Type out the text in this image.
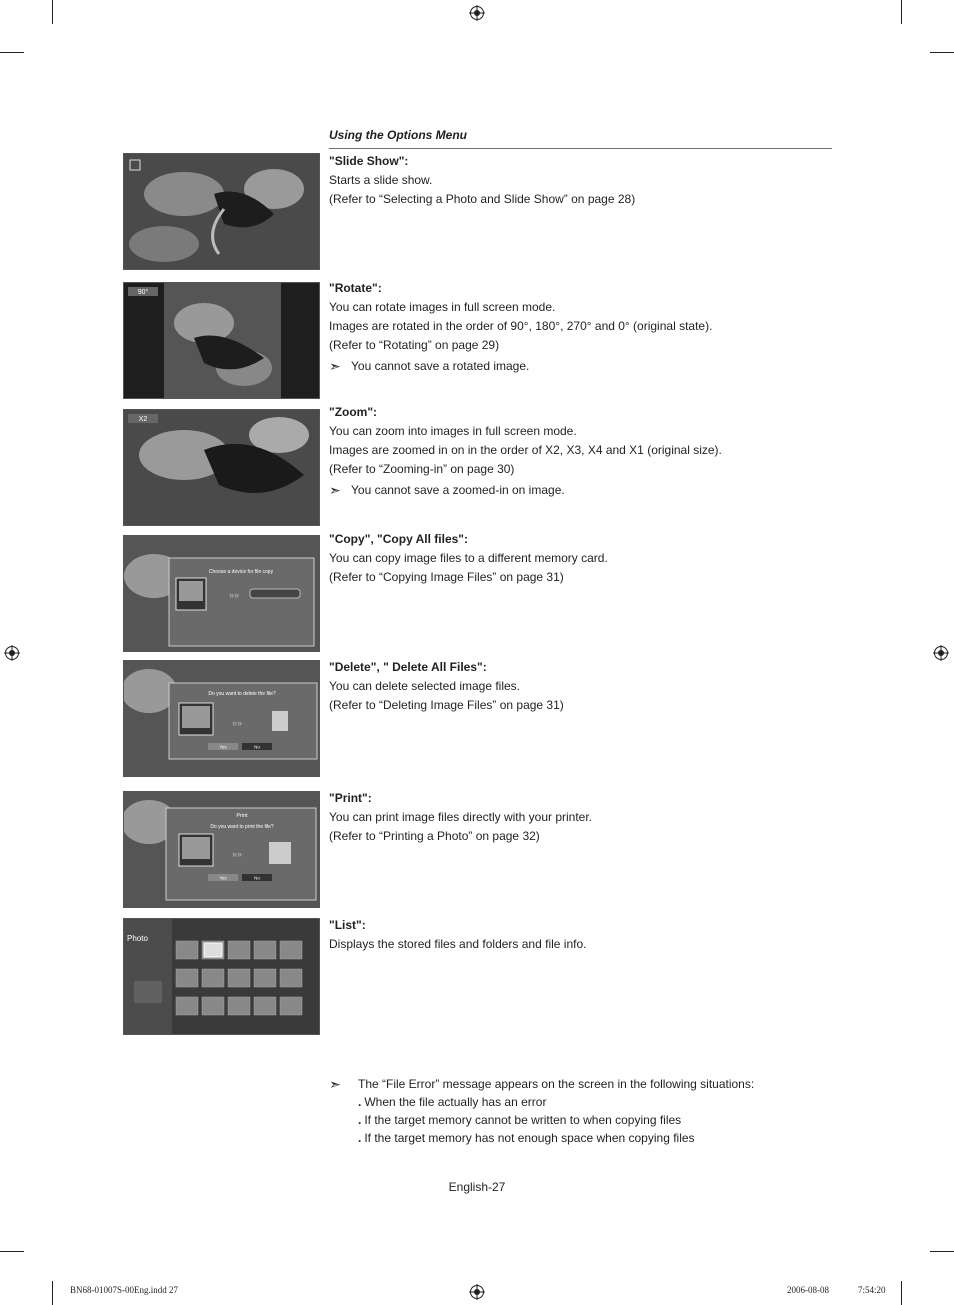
Using the Options Menu
90°
X2
Choose a device for file copy
»»
Do you want to delete the file?
»»
Yes	No
Print
Do you want to print the file?
»»
Yes	No
Photo
"Slide Show":
Starts a slide show.
(Refer to “Selecting a Photo and Slide Show” on page 28)
"Rotate":
You can rotate images in full screen mode.
Images are rotated in the order of 90°, 180°, 270° and 0° (original state).
(Refer to “Rotating” on page 29)
➣ You cannot save a rotated image.
"Zoom":
You can zoom into images in full screen mode.
Images are zoomed in on in the order of X2, X3, X4 and X1 (original size).
(Refer to “Zooming-in” on page 30)
➣ You cannot save a zoomed-in on image.
"Copy", "Copy All files":
You can copy image files to a different memory card.
(Refer to “Copying Image Files” on page 31)
"Delete", " Delete All Files":
You can delete selected image files.
(Refer to “Deleting Image Files” on page 31)
"Print":
You can print image files directly with your printer.
(Refer to “Printing a Photo” on page 32)
"List":
Displays the stored files and folders and file info.
➣	The “File Error” message appears on the screen in the following situations:
. When the file actually has an error
. If the target memory cannot be written to when copying files
. If the target memory has not enough space when copying files
English-27
BN68-01007S-00Eng.indd 27	2006-08-08	7:54:20
